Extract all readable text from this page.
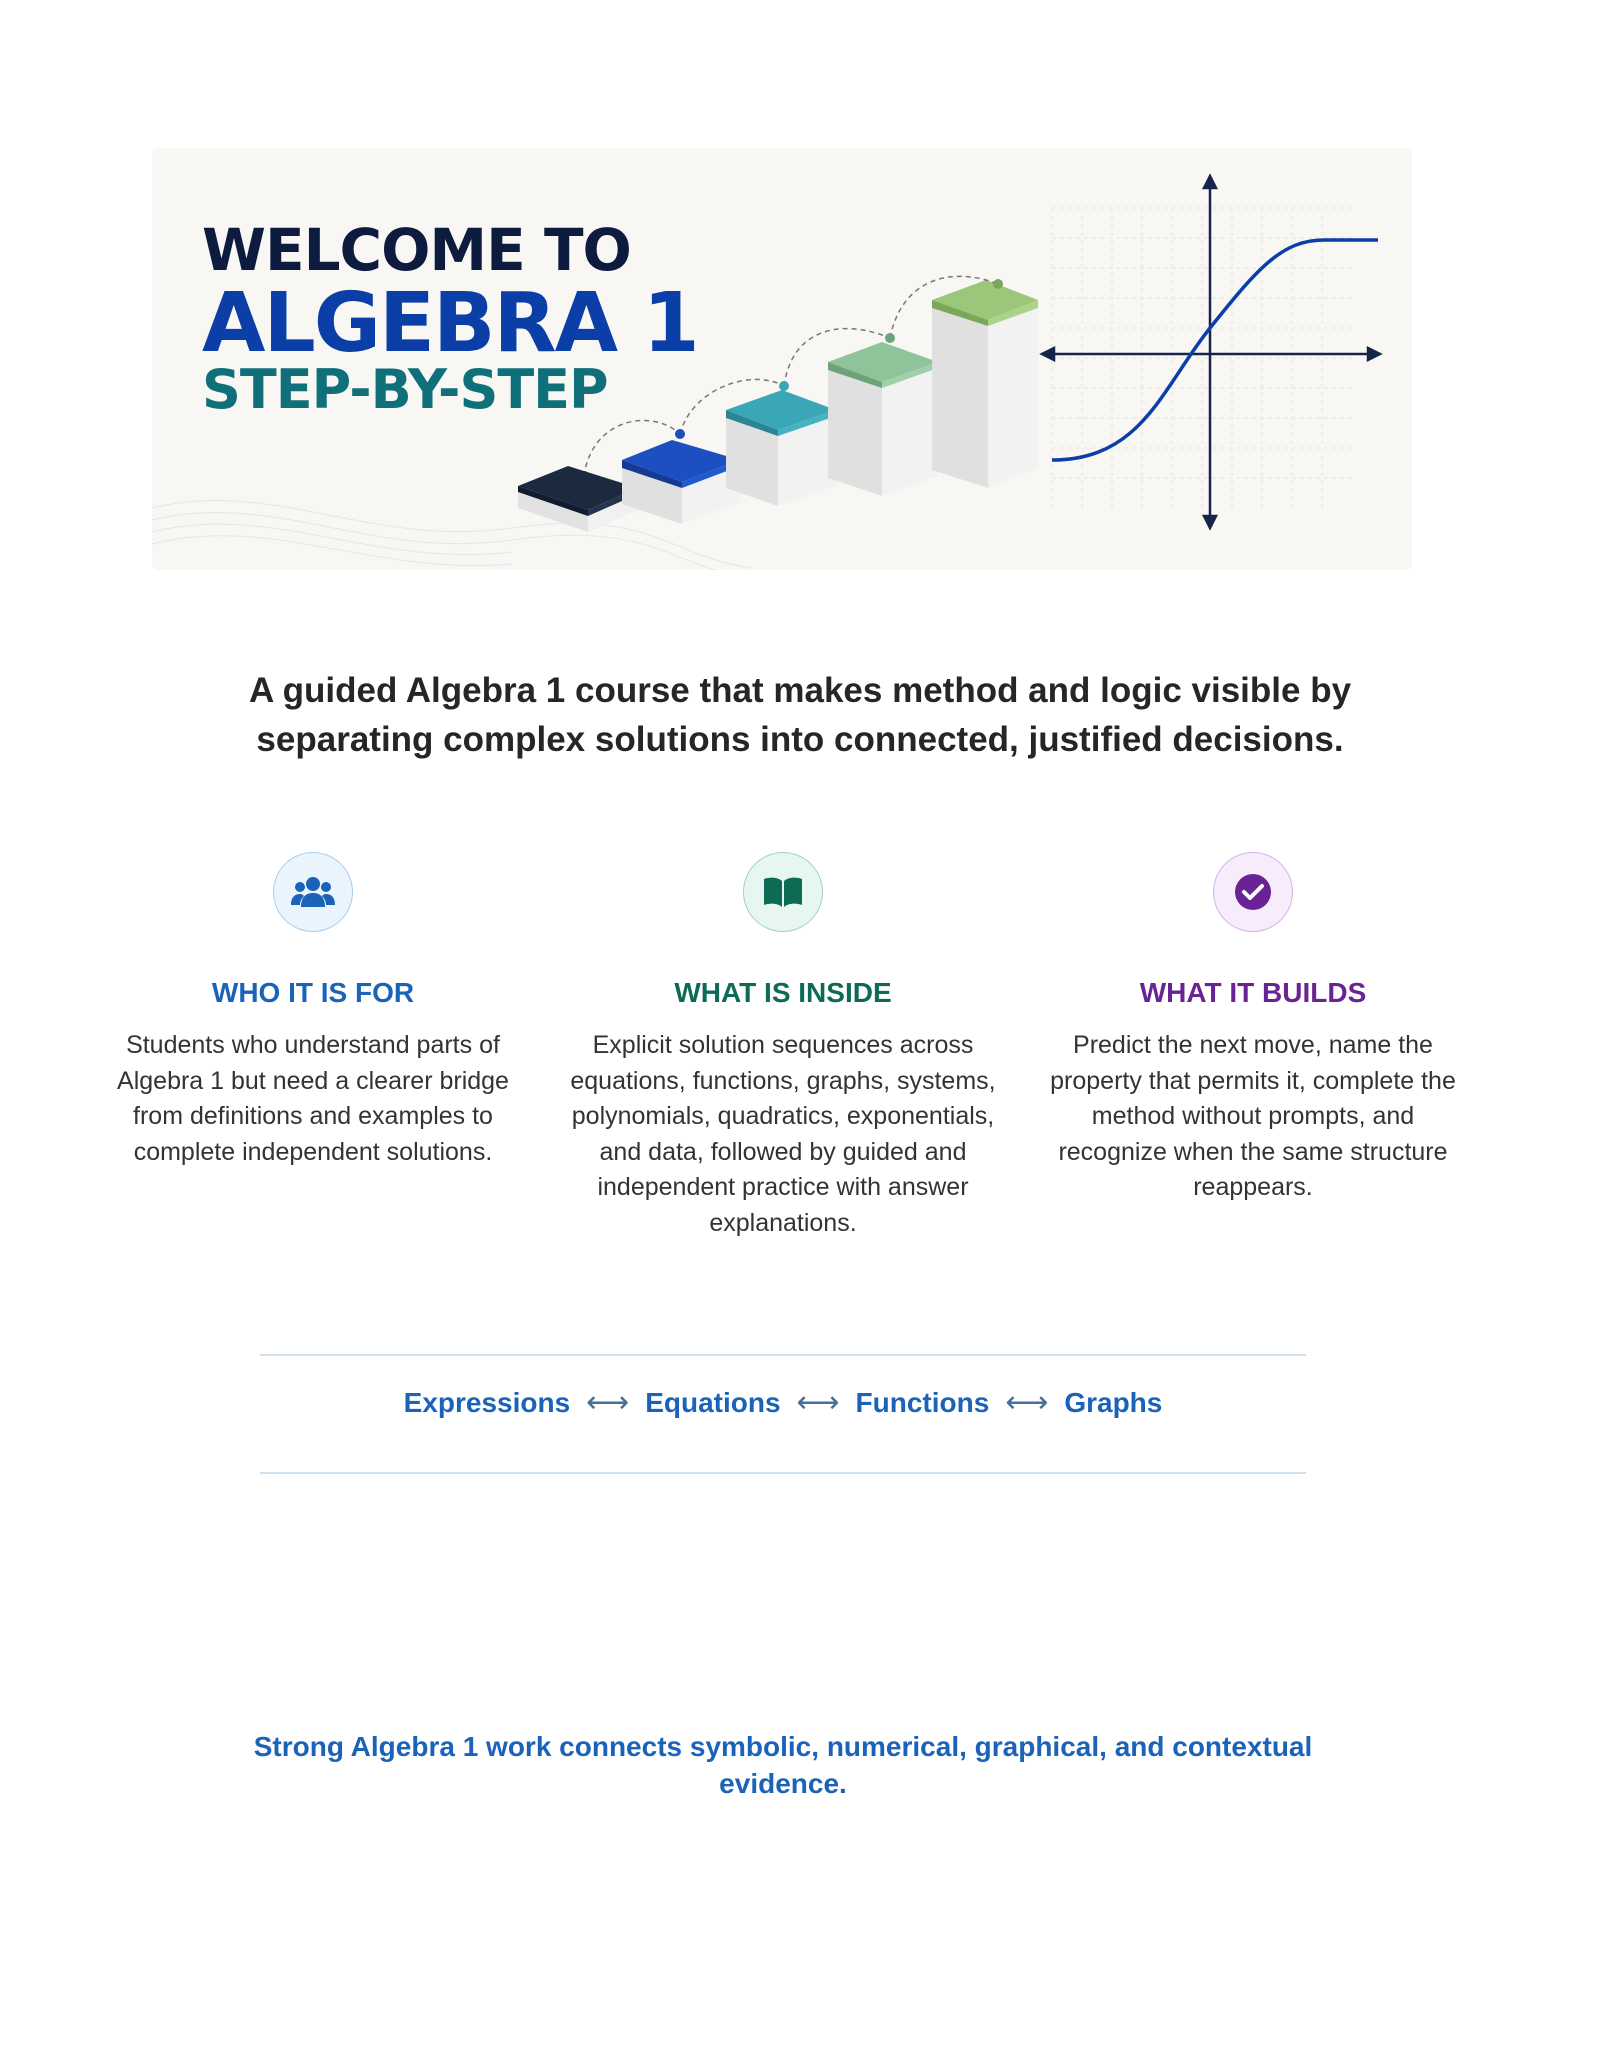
WELCOME TO

ALGEBRA 1

STEP-BY-STEP

A guided Algebra 1 course that makes method and logic visible by separating complex solutions into connected, justified decisions.

WHO IT IS FOR

Students who understand parts of Algebra 1 but need a clearer bridge from definitions and examples to complete independent solutions.

WHAT IS INSIDE

Explicit solution sequences across equations, functions, graphs, systems, polynomials, quadratics, exponentials, and data, followed by guided and independent practice with answer explanations.

WHAT IT BUILDS

Predict the next move, name the property that permits it, complete the method without prompts, and recognize when the same structure reappears.

Expressions ⟷ Equations ⟷ Functions ⟷ Graphs

Strong Algebra 1 work connects symbolic, numerical, graphical, and contextual evidence.
